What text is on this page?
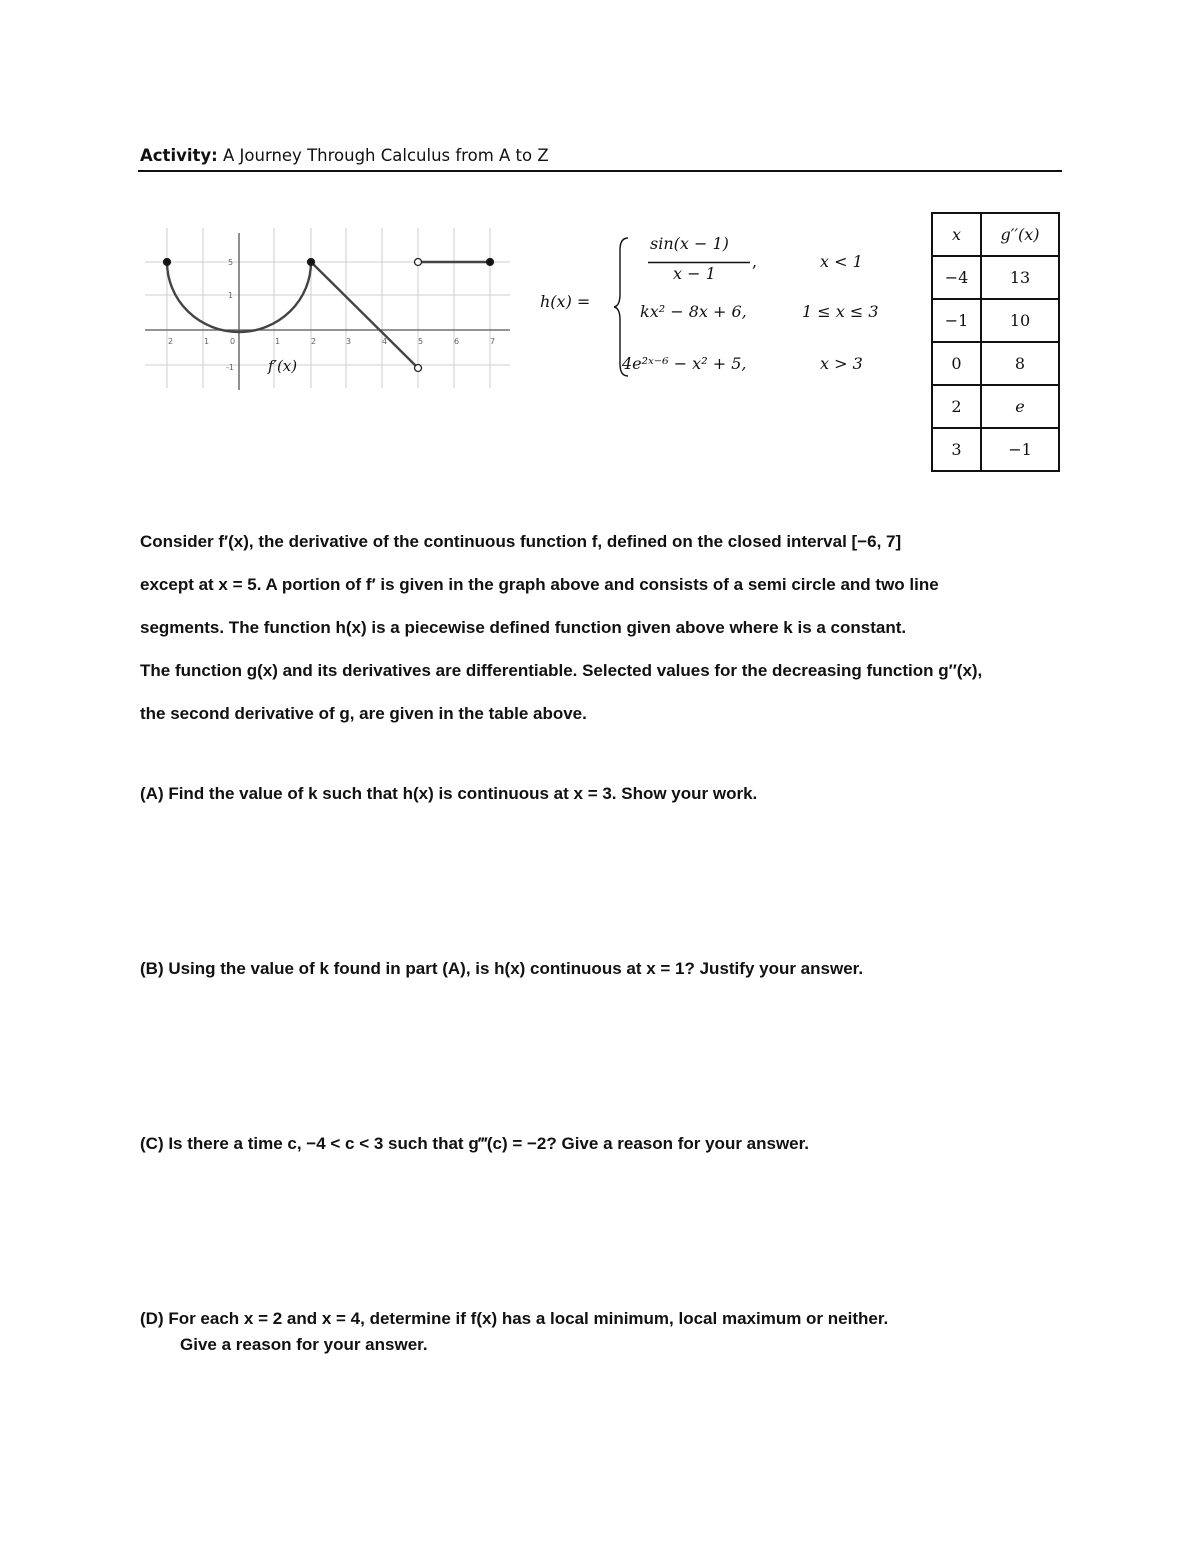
Activity: A Journey Through Calculus from A to Z
2	1	0	1	2	3	4	5	6	7
5
1
-1 f′(x)
h(x) =
sin(x − 1)
x − 1
,	x < 1
kx² − 8x + 6,	1 ≤ x ≤ 3
4e²ˣ⁻⁶ − x² + 5,	x > 3
x	g′′(x)
−4	13
−1	10
0	8
2	e
3	−1

Consider f′(x), the derivative of the continuous function f, defined on the closed interval [−6, 7]

except at x = 5. A portion of f′ is given in the graph above and consists of a semi circle and two line

segments. The function h(x) is a piecewise defined function given above where k is a constant.

The function g(x) and its derivatives are differentiable. Selected values for the decreasing function g′′(x),

the second derivative of g, are given in the table above.

(A) Find the value of k such that h(x) is continuous at x = 3. Show your work.
(B) Using the value of k found in part (A), is h(x) continuous at x = 1? Justify your answer.
(C) Is there a time c, −4 < c < 3 such that g‴(c) = −2? Give a reason for your answer.
(D) For each x = 2 and x = 4, determine if f(x) has a local minimum, local maximum or neither.
Give a reason for your answer.
